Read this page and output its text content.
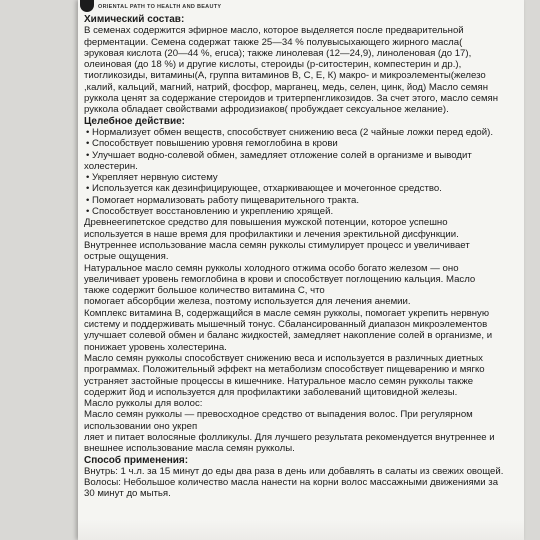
ORIENTAL PATH TO HEALTH AND BEAUTY

Химический состав:

В семенах содержится эфирное масло, которое выделяется после предварительной

ферментации. Семена содержат также 25—34 % полувысыхающего жирного масла(

эруковая кислота (20—44 %, eruca); также линолевая (12—24,9), линоленовая (до 17),

олеиновая (до 18 %) и другие кислоты, стероиды (р-ситостерин, компестерин и др.),

тиогликозиды, витамины(А, группа витаминов В, С, Е, К) макро- и микроэлементы(железо

,калий, кальций, магний, натрий, фосфор, марганец, медь, селен, цинк, йод) Масло семян

руккола ценят за содержание стероидов и тритерпенгликозидов. За счет этого, масло семян

руккола обладает свойствами афродизиаков( пробуждает сексуальное желание).

Целебное действие:

• Нормализует обмен веществ, способствует снижению веса (2 чайные ложки перед едой).

• Способствует повышению уровня гемоглобина в крови

• Улучшает водно-солевой обмен, замедляет отложение солей в организме и выводит

холестерин.

• Укрепляет нервную систему

• Используется как дезинфицирующее, отхаркивающее и мочегонное средство.

• Помогает нормализовать работу пищеварительного тракта.

• Способствует восстановлению и укреплению хрящей.

Древнеегипетское средство для повышения мужской потенции, которое успешно

используется в наше время для профилактики и лечения эректильной дисфункции.

Внутреннее использование масла семян рукколы стимулирует процесс и увеличивает

острые ощущения.

Натуральное масло семян рукколы холодного отжима особо богато железом — оно

увеличивает уровень гемоглобина в крови и способствует поглощению кальция. Масло

также содержит большое количество витамина С, что

помогает абсорбции железа, поэтому используется для лечения анемии.

Комплекс витамина В, содержащийся в масле семян рукколы, помогает укрепить нервную

систему и поддерживать мышечный тонус. Сбалансированный диапазон микроэлементов

улучшает солевой обмен и баланс жидкостей, замедляет накопление солей в организме, и

понижает уровень холестерина.

Масло семян рукколы способствует снижению веса и используется в различных диетных

программах. Положительный эффект на метаболизм способствует пищеварению и мягко

устраняет застойные процессы в кишечнике. Натуральное масло семян рукколы также

содержит йод и используется для профилактики заболеваний щитовидной железы.

Масло рукколы для волос:

Масло семян рукколы — превосходное средство от выпадения волос. При регулярном

использовании оно укреп

ляет и питает волосяные фолликулы. Для лучшего результата рекомендуется внутреннее и

внешнее использование масла семян рукколы.

Способ применения:

Внутрь: 1 ч.л. за 15 минут до еды два раза в день или добавлять в салаты из свежих овощей.

Волосы: Небольшое количество масла нанести на корни волос массажными движениями за

30 минут до мытья.
